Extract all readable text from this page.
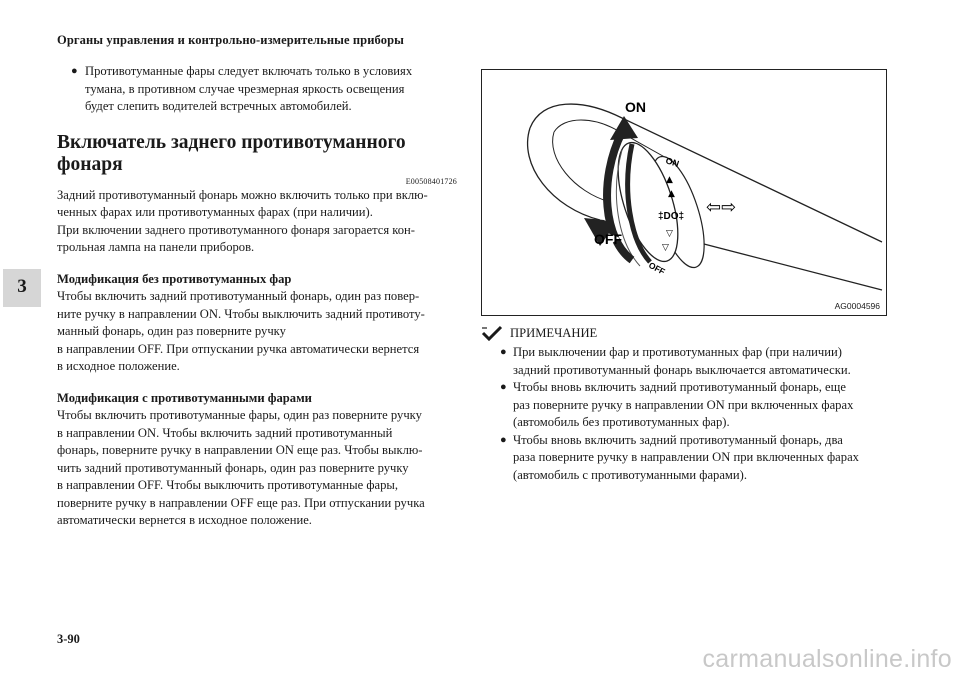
Органы управления и контрольно-измерительные приборы
3
● Противотуманные фары следует включать только в условиях
тумана, в противном случае чрезмерная яркость освещения
будет слепить водителей встречных автомобилей.
Включатель заднего противотуманного фонаря
E00508401726
Задний противотуманный фонарь можно включить только при вклю-
ченных фарах или противотуманных фарах (при наличии).
При включении заднего противотуманного фонаря загорается кон-
трольная лампа на панели приборов.
Модификация без противотуманных фар
Чтобы включить задний противотуманный фонарь, один раз повер-
ните ручку в направлении ON. Чтобы выключить задний противоту-
манный фонарь, один раз поверните ручку
в направлении OFF. При отпускании ручка автоматически вернется
в исходное положение.
Модификация с противотуманными фарами
Чтобы включить противотуманные фары, один раз поверните ручку
в направлении ON. Чтобы включить задний противотуманный
фонарь, поверните ручку в направлении ON еще раз. Чтобы выклю-
чить задний противотуманный фонарь, один раз поверните ручку
в направлении OFF. Чтобы выключить противотуманные фары,
поверните ручку в направлении OFF еще раз. При отпускании ручка
автоматически вернется в исходное положение.
ON
▲
▲
‡DO‡
▽
▽
OFF
⇦⇨
ON
OFF
AG0004596
ПРИМЕЧАНИЕ
● При выключении фар и противотуманных фар (при наличии)
задний противотуманный фонарь выключается автоматически.
● Чтобы вновь включить задний противотуманный фонарь, еще
раз поверните ручку в направлении ON при включенных фарах
(автомобиль без противотуманных фар).
● Чтобы вновь включить задний противотуманный фонарь, два
раза поверните ручку в направлении ON при включенных фарах
(автомобиль с противотуманными фарами).
3-90
carmanualsonline.info
